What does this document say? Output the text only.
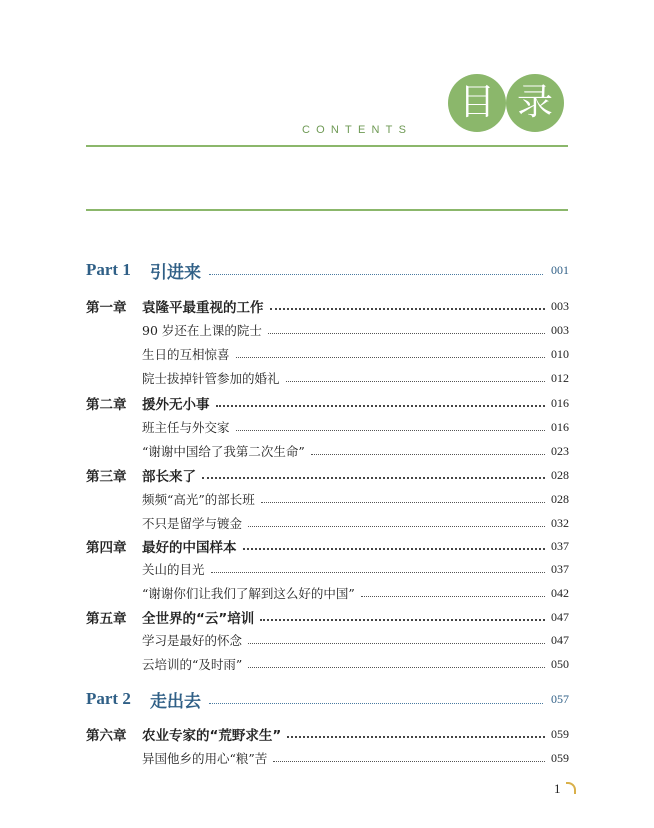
目 录
CONTENTS
Part 1	引进来	001
第一章	袁隆平最重视的工作	003
90 岁还在上课的院士	003
生日的互相惊喜	010
院士拔掉针管参加的婚礼	012
第二章	援外无小事	016
班主任与外交家	016
“谢谢中国给了我第二次生命”	023
第三章	部长来了	028
频频“高光”的部长班	028
不只是留学与镀金	032
第四章	最好的中国样本	037
关山的目光	037
“谢谢你们让我们了解到这么好的中国”	042
第五章	全世界的“云”培训	047
学习是最好的怀念	047
云培训的“及时雨”	050
Part 2	走出去	057
第六章	农业专家的“荒野求生”	059
异国他乡的用心“粮”苦	059
1
